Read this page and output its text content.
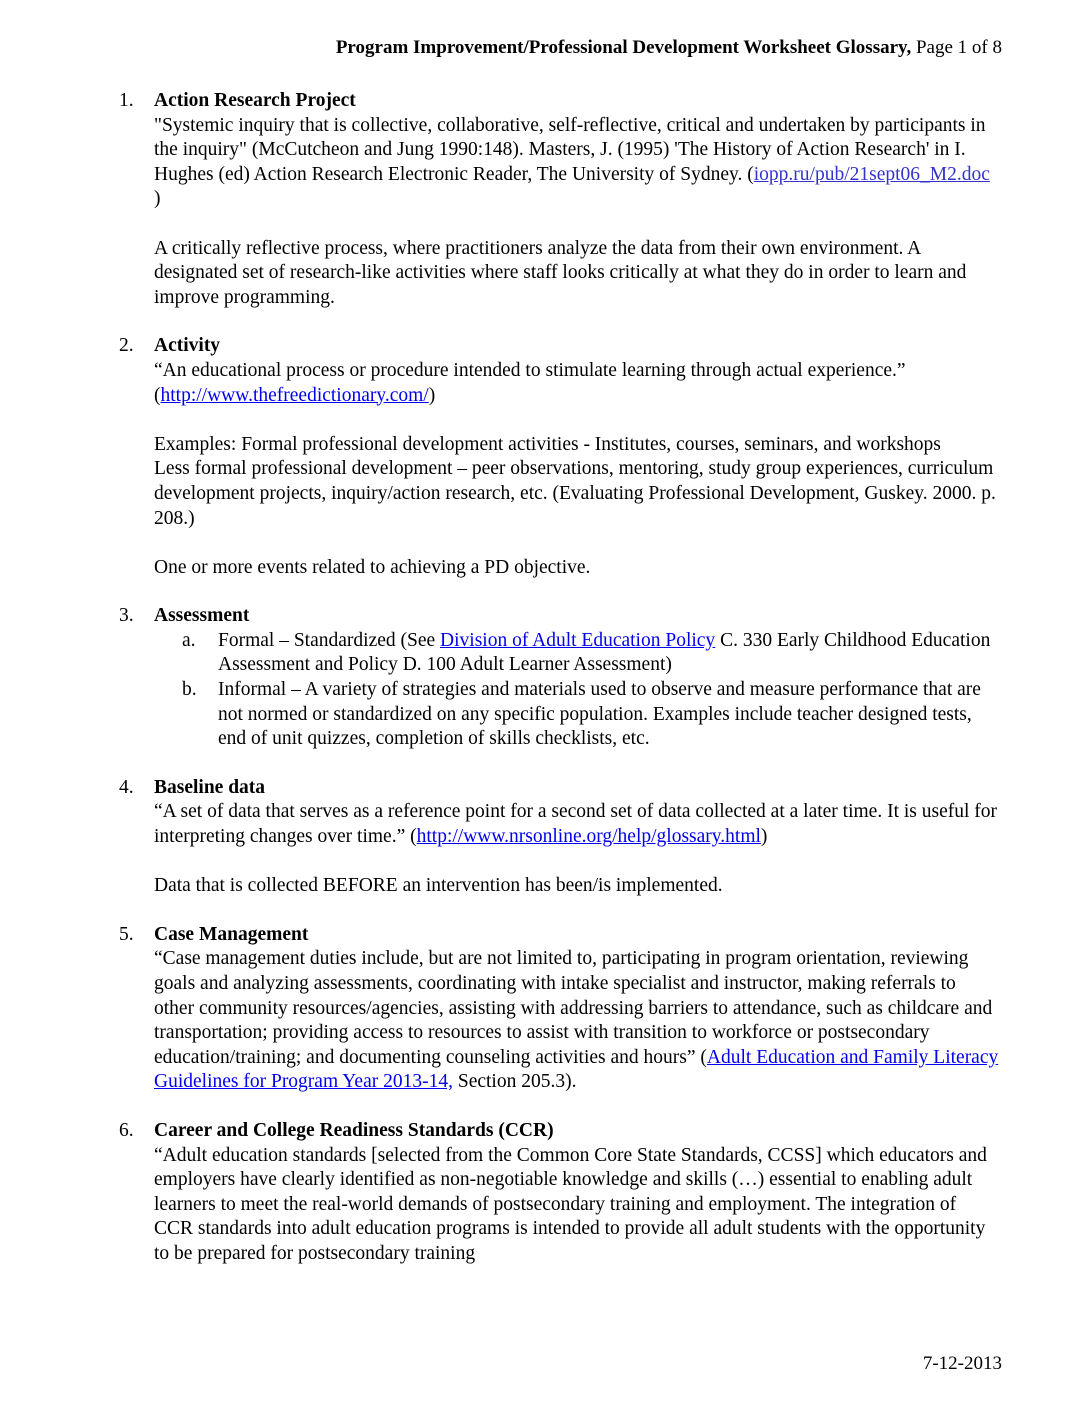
Program Improvement/Professional Development Worksheet Glossary, Page 1 of 8
1.	Action Research Project

"Systemic inquiry that is collective, collaborative, self-reflective, critical and undertaken by participants in the inquiry" (McCutcheon and Jung 1990:148). Masters, J. (1995) 'The History of Action Research' in I. Hughes (ed) Action Research Electronic Reader, The University of Sydney. (iopp.ru/pub/21sept06_M2.doc )

A critically reflective process, where practitioners analyze the data from their own environment. A designated set of research-like activities where staff looks critically at what they do in order to learn and improve programming.

2.	Activity

“An educational process or procedure intended to stimulate learning through actual experience.”

(http://www.thefreedictionary.com/)

Examples: Formal professional development activities - Institutes, courses, seminars, and workshops

Less formal professional development – peer observations, mentoring, study group experiences, curriculum development projects, inquiry/action research, etc. (Evaluating Professional Development, Guskey. 2000. p. 208.)

One or more events related to achieving a PD objective.

3.	Assessment

a.	Formal – Standardized (See Division of Adult Education Policy C. 330 Early Childhood Education Assessment and Policy D. 100 Adult Learner Assessment)
b.	Informal – A variety of strategies and materials used to observe and measure performance that are not normed or standardized on any specific population. Examples include teacher designed tests, end of unit quizzes, completion of skills checklists, etc.
4.	Baseline data

“A set of data that serves as a reference point for a second set of data collected at a later time. It is useful for interpreting changes over time.” (http://www.nrsonline.org/help/glossary.html)

Data that is collected BEFORE an intervention has been/is implemented.

5.	Case Management

“Case management duties include, but are not limited to, participating in program orientation, reviewing goals and analyzing assessments, coordinating with intake specialist and instructor, making referrals to other community resources/agencies, assisting with addressing barriers to attendance, such as childcare and transportation; providing access to resources to assist with transition to workforce or postsecondary education/training; and documenting counseling activities and hours” (Adult Education and Family Literacy Guidelines for Program Year 2013-14, Section 205.3).

6.	Career and College Readiness Standards (CCR)

“Adult education standards [selected from the Common Core State Standards, CCSS] which educators and employers have clearly identified as non-negotiable knowledge and skills (…) essential to enabling adult learners to meet the real-world demands of postsecondary training and employment. The integration of CCR standards into adult education programs is intended to provide all adult students with the opportunity to be prepared for postsecondary training

7-12-2013
